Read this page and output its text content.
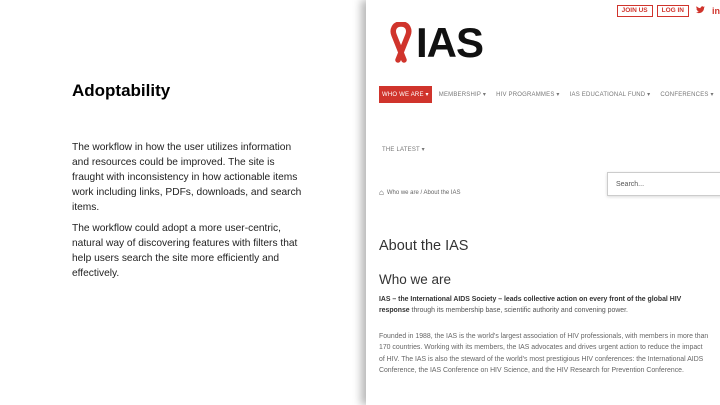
Adoptability

The workflow in how the user utilizes information and resources could be improved. The site is fraught with inconsistency in how actionable items work including links, PDFs, downloads, and search items.

The workflow could adopt a more user-centric, natural way of discovering features with filters that help users search the site more efficiently and effectively.

JOIN US	LOG IN	in
IAS
WHO WE ARE ▾	MEMBERSHIP ▾	HIV PROGRAMMES ▾	IAS EDUCATIONAL FUND ▾	CONFERENCES ▾
THE LATEST ▾
Search...
⌂ Who we are / About the IAS
About the IAS
Who we are
IAS – the International AIDS Society – leads collective action on every front of the global HIV response through its membership base, scientific authority and convening power.
Founded in 1988, the IAS is the world’s largest association of HIV professionals, with members in more than 170 countries. Working with its members, the IAS advocates and drives urgent action to reduce the impact of HIV. The IAS is also the steward of the world’s most prestigious HIV conferences: the International AIDS Conference, the IAS Conference on HIV Science, and the HIV Research for Prevention Conference.
